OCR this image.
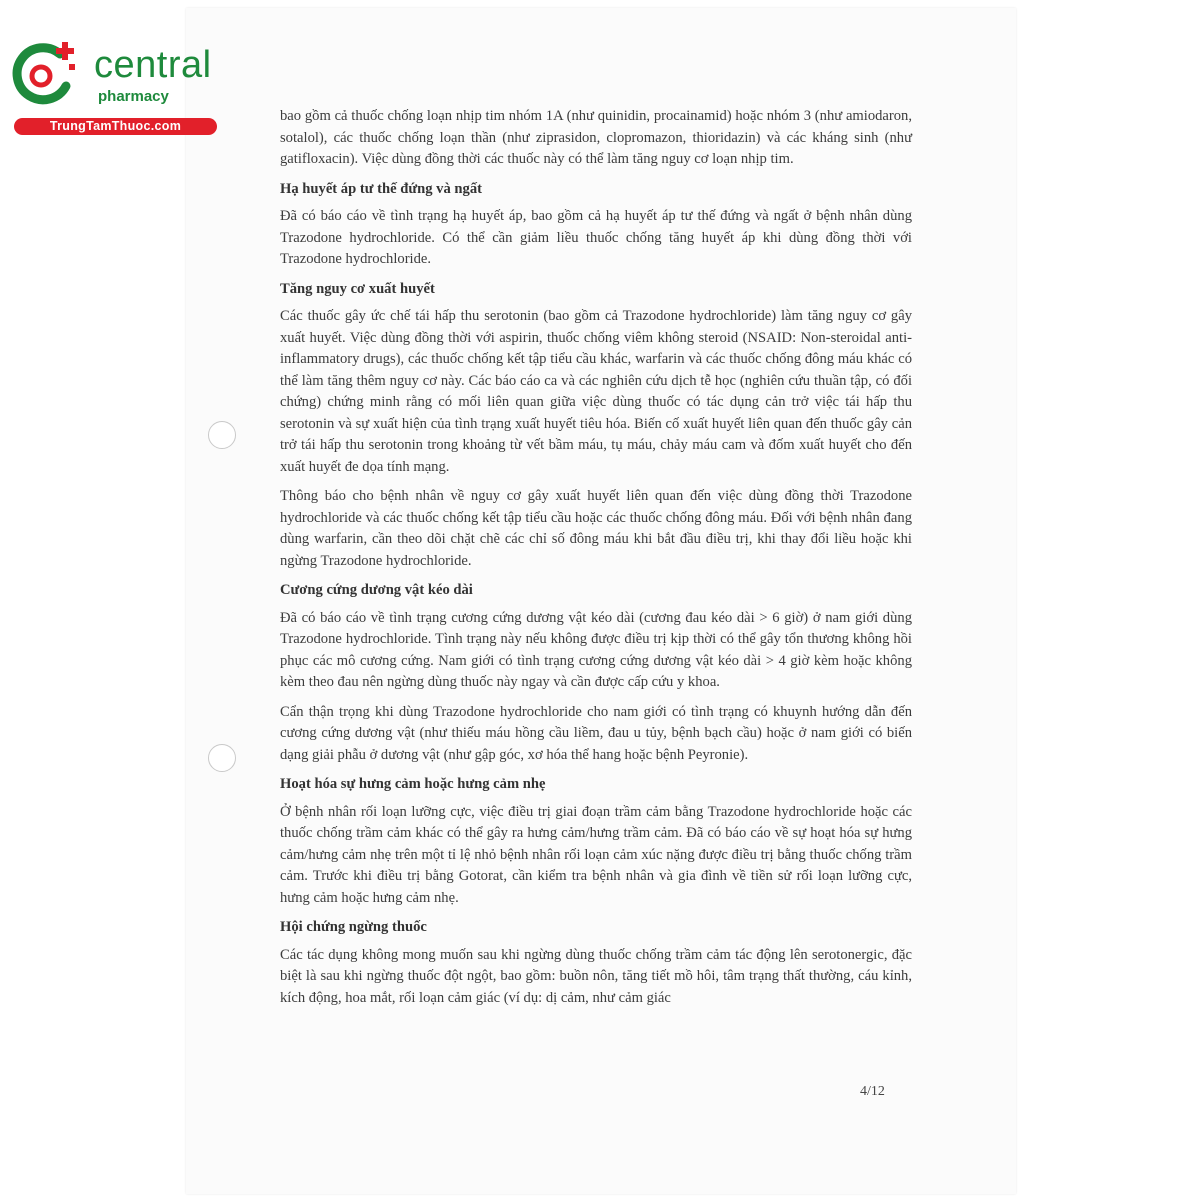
central
pharmacy
TrungTamThuoc.com

bao gồm cả thuốc chống loạn nhịp tim nhóm 1A (như quinidin, procainamid) hoặc nhóm 3 (như amiodaron, sotalol), các thuốc chống loạn thần (như ziprasidon, clopromazon, thioridazin) và các kháng sinh (như gatifloxacin). Việc dùng đồng thời các thuốc này có thể làm tăng nguy cơ loạn nhịp tim.

Hạ huyết áp tư thế đứng và ngất

Đã có báo cáo về tình trạng hạ huyết áp, bao gồm cả hạ huyết áp tư thế đứng và ngất ở bệnh nhân dùng Trazodone hydrochloride. Có thể cần giảm liều thuốc chống tăng huyết áp khi dùng đồng thời với Trazodone hydrochloride.

Tăng nguy cơ xuất huyết

Các thuốc gây ức chế tái hấp thu serotonin (bao gồm cả Trazodone hydrochloride) làm tăng nguy cơ gây xuất huyết. Việc dùng đồng thời với aspirin, thuốc chống viêm không steroid (NSAID: Non-steroidal anti-inflammatory drugs), các thuốc chống kết tập tiểu cầu khác, warfarin và các thuốc chống đông máu khác có thể làm tăng thêm nguy cơ này. Các báo cáo ca và các nghiên cứu dịch tễ học (nghiên cứu thuần tập, có đối chứng) chứng minh rằng có mối liên quan giữa việc dùng thuốc có tác dụng cản trở việc tái hấp thu serotonin và sự xuất hiện của tình trạng xuất huyết tiêu hóa. Biến cố xuất huyết liên quan đến thuốc gây cản trở tái hấp thu serotonin trong khoảng từ vết bầm máu, tụ máu, chảy máu cam và đốm xuất huyết cho đến xuất huyết đe dọa tính mạng.

Thông báo cho bệnh nhân về nguy cơ gây xuất huyết liên quan đến việc dùng đồng thời Trazodone hydrochloride và các thuốc chống kết tập tiểu cầu hoặc các thuốc chống đông máu. Đối với bệnh nhân đang dùng warfarin, cần theo dõi chặt chẽ các chỉ số đông máu khi bắt đầu điều trị, khi thay đổi liều hoặc khi ngừng Trazodone hydrochloride.

Cương cứng dương vật kéo dài

Đã có báo cáo về tình trạng cương cứng dương vật kéo dài (cương đau kéo dài > 6 giờ) ở nam giới dùng Trazodone hydrochloride. Tình trạng này nếu không được điều trị kịp thời có thể gây tổn thương không hồi phục các mô cương cứng. Nam giới có tình trạng cương cứng dương vật kéo dài > 4 giờ kèm hoặc không kèm theo đau nên ngừng dùng thuốc này ngay và cần được cấp cứu y khoa.

Cẩn thận trọng khi dùng Trazodone hydrochloride cho nam giới có tình trạng có khuynh hướng dẫn đến cương cứng dương vật (như thiếu máu hồng cầu liềm, đau u tủy, bệnh bạch cầu) hoặc ở nam giới có biến dạng giải phẫu ở dương vật (như gập góc, xơ hóa thể hang hoặc bệnh Peyronie).

Hoạt hóa sự hưng cảm hoặc hưng cảm nhẹ

Ở bệnh nhân rối loạn lưỡng cực, việc điều trị giai đoạn trầm cảm bằng Trazodone hydrochloride hoặc các thuốc chống trầm cảm khác có thể gây ra hưng cảm/hưng trầm cảm. Đã có báo cáo về sự hoạt hóa sự hưng cảm/hưng cảm nhẹ trên một tỉ lệ nhỏ bệnh nhân rối loạn cảm xúc nặng được điều trị bằng thuốc chống trầm cảm. Trước khi điều trị bằng Gotorat, cần kiểm tra bệnh nhân và gia đình về tiền sử rối loạn lưỡng cực, hưng cảm hoặc hưng cảm nhẹ.

Hội chứng ngừng thuốc

Các tác dụng không mong muốn sau khi ngừng dùng thuốc chống trầm cảm tác động lên serotonergic, đặc biệt là sau khi ngừng thuốc đột ngột, bao gồm: buồn nôn, tăng tiết mồ hôi, tâm trạng thất thường, cáu kỉnh, kích động, hoa mắt, rối loạn cảm giác (ví dụ: dị cảm, như cảm giác

4/12
